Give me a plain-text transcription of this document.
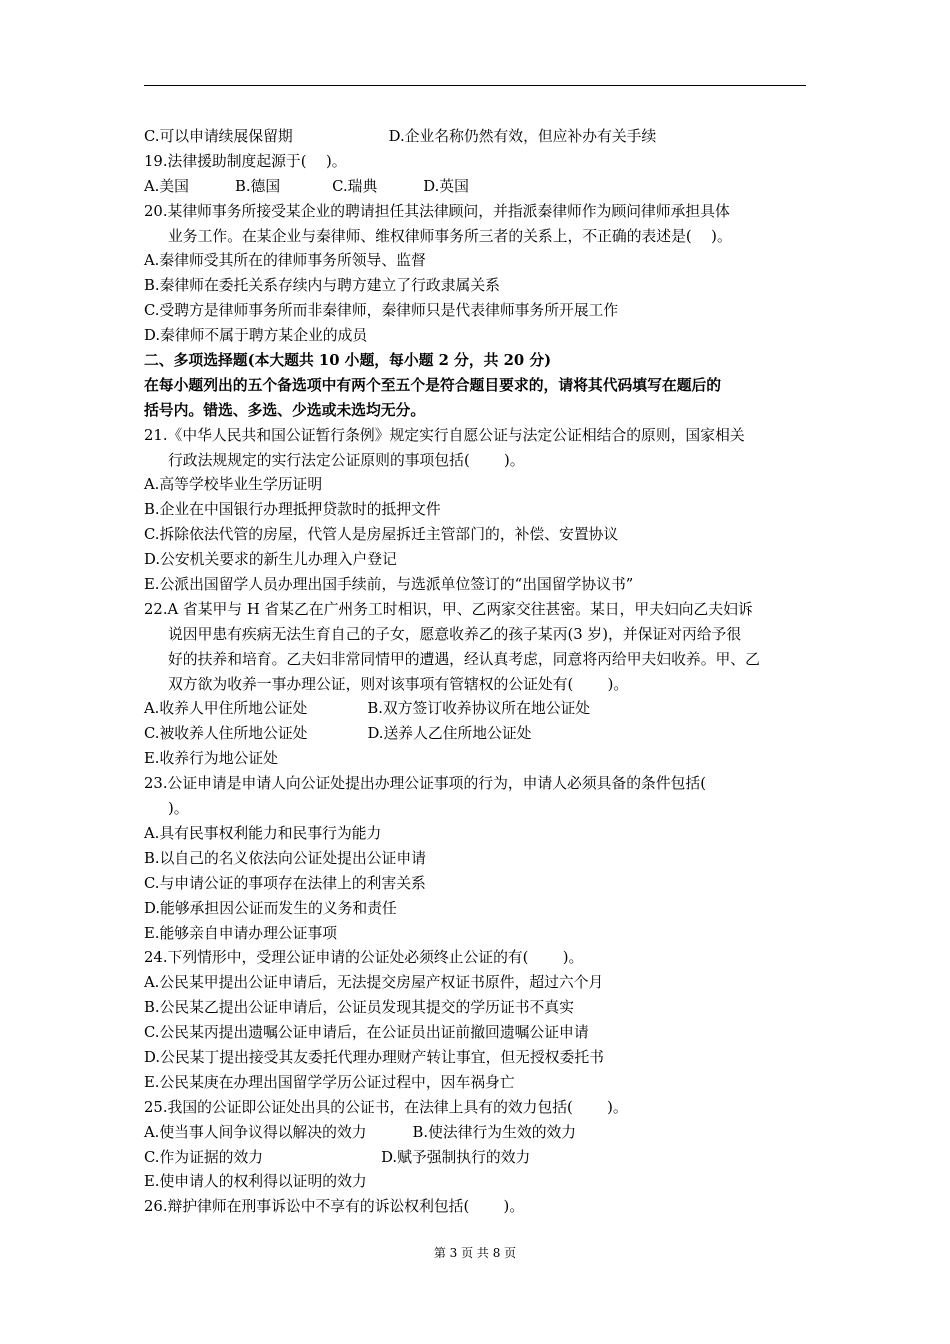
C.可以申请续展保留期	D.企业名称仍然有效，但应补办有关手续
19.法律援助制度起源于(　 )。
A.美国	B.德国	C.瑞典	D.英国
20.某律师事务所接受某企业的聘请担任其法律顾问，并指派秦律师作为顾问律师承担具体
业务工作。在某企业与秦律师、维权律师事务所三者的关系上，不正确的表述是(　 )。
A.秦律师受其所在的律师事务所领导、监督
B.秦律师在委托关系存续内与聘方建立了行政隶属关系
C.受聘方是律师事务所而非秦律师，秦律师只是代表律师事务所开展工作
D.秦律师不属于聘方某企业的成员
二、多项选择题(本大题共 10 小题，每小题 2 分，共 20 分)
在每小题列出的五个备选项中有两个至五个是符合题目要求的，请将其代码填写在题后的
括号内。错选、多选、少选或未选均无分。
21.《中华人民共和国公证暂行条例》规定实行自愿公证与法定公证相结合的原则，国家相关
行政法规规定的实行法定公证原则的事项包括(　　 )。
A.高等学校毕业生学历证明
B.企业在中国银行办理抵押贷款时的抵押文件
C.拆除依法代管的房屋，代管人是房屋拆迁主管部门的，补偿、安置协议
D.公安机关要求的新生儿办理入户登记
E.公派出国留学人员办理出国手续前，与选派单位签订的“出国留学协议书”
22.A 省某甲与 H 省某乙在广州务工时相识，甲、乙两家交往甚密。某日，甲夫妇向乙夫妇诉
说因甲患有疾病无法生育自己的子女，愿意收养乙的孩子某丙(3 岁)，并保证对丙给予很
好的扶养和培育。乙夫妇非常同情甲的遭遇，经认真考虑，同意将丙给甲夫妇收养。甲、乙
双方欲为收养一事办理公证，则对该事项有管辖权的公证处有(　　 )。
A.收养人甲住所地公证处	B.双方签订收养协议所在地公证处
C.被收养人住所地公证处	D.送养人乙住所地公证处
E.收养行为地公证处
23.公证申请是申请人向公证处提出办理公证事项的行为，申请人必须具备的条件包括(
)。
A.具有民事权利能力和民事行为能力
B.以自己的名义依法向公证处提出公证申请
C.与申请公证的事项存在法律上的利害关系
D.能够承担因公证而发生的义务和责任
E.能够亲自申请办理公证事项
24.下列情形中，受理公证申请的公证处必须终止公证的有(　　 )。
A.公民某甲提出公证申请后，无法提交房屋产权证书原件，超过六个月
B.公民某乙提出公证申请后，公证员发现其提交的学历证书不真实
C.公民某丙提出遗嘱公证申请后，在公证员出证前撤回遗嘱公证申请
D.公民某丁提出接受其友委托代理办理财产转让事宜，但无授权委托书
E.公民某庚在办理出国留学学历公证过程中，因车祸身亡
25.我国的公证即公证处出具的公证书，在法律上具有的效力包括(　　 )。
A.使当事人间争议得以解决的效力	B.使法律行为生效的效力
C.作为证据的效力	D.赋予强制执行的效力
E.使申请人的权利得以证明的效力
26.辩护律师在刑事诉讼中不享有的诉讼权利包括(　　 )。
第 3 页 共 8 页
